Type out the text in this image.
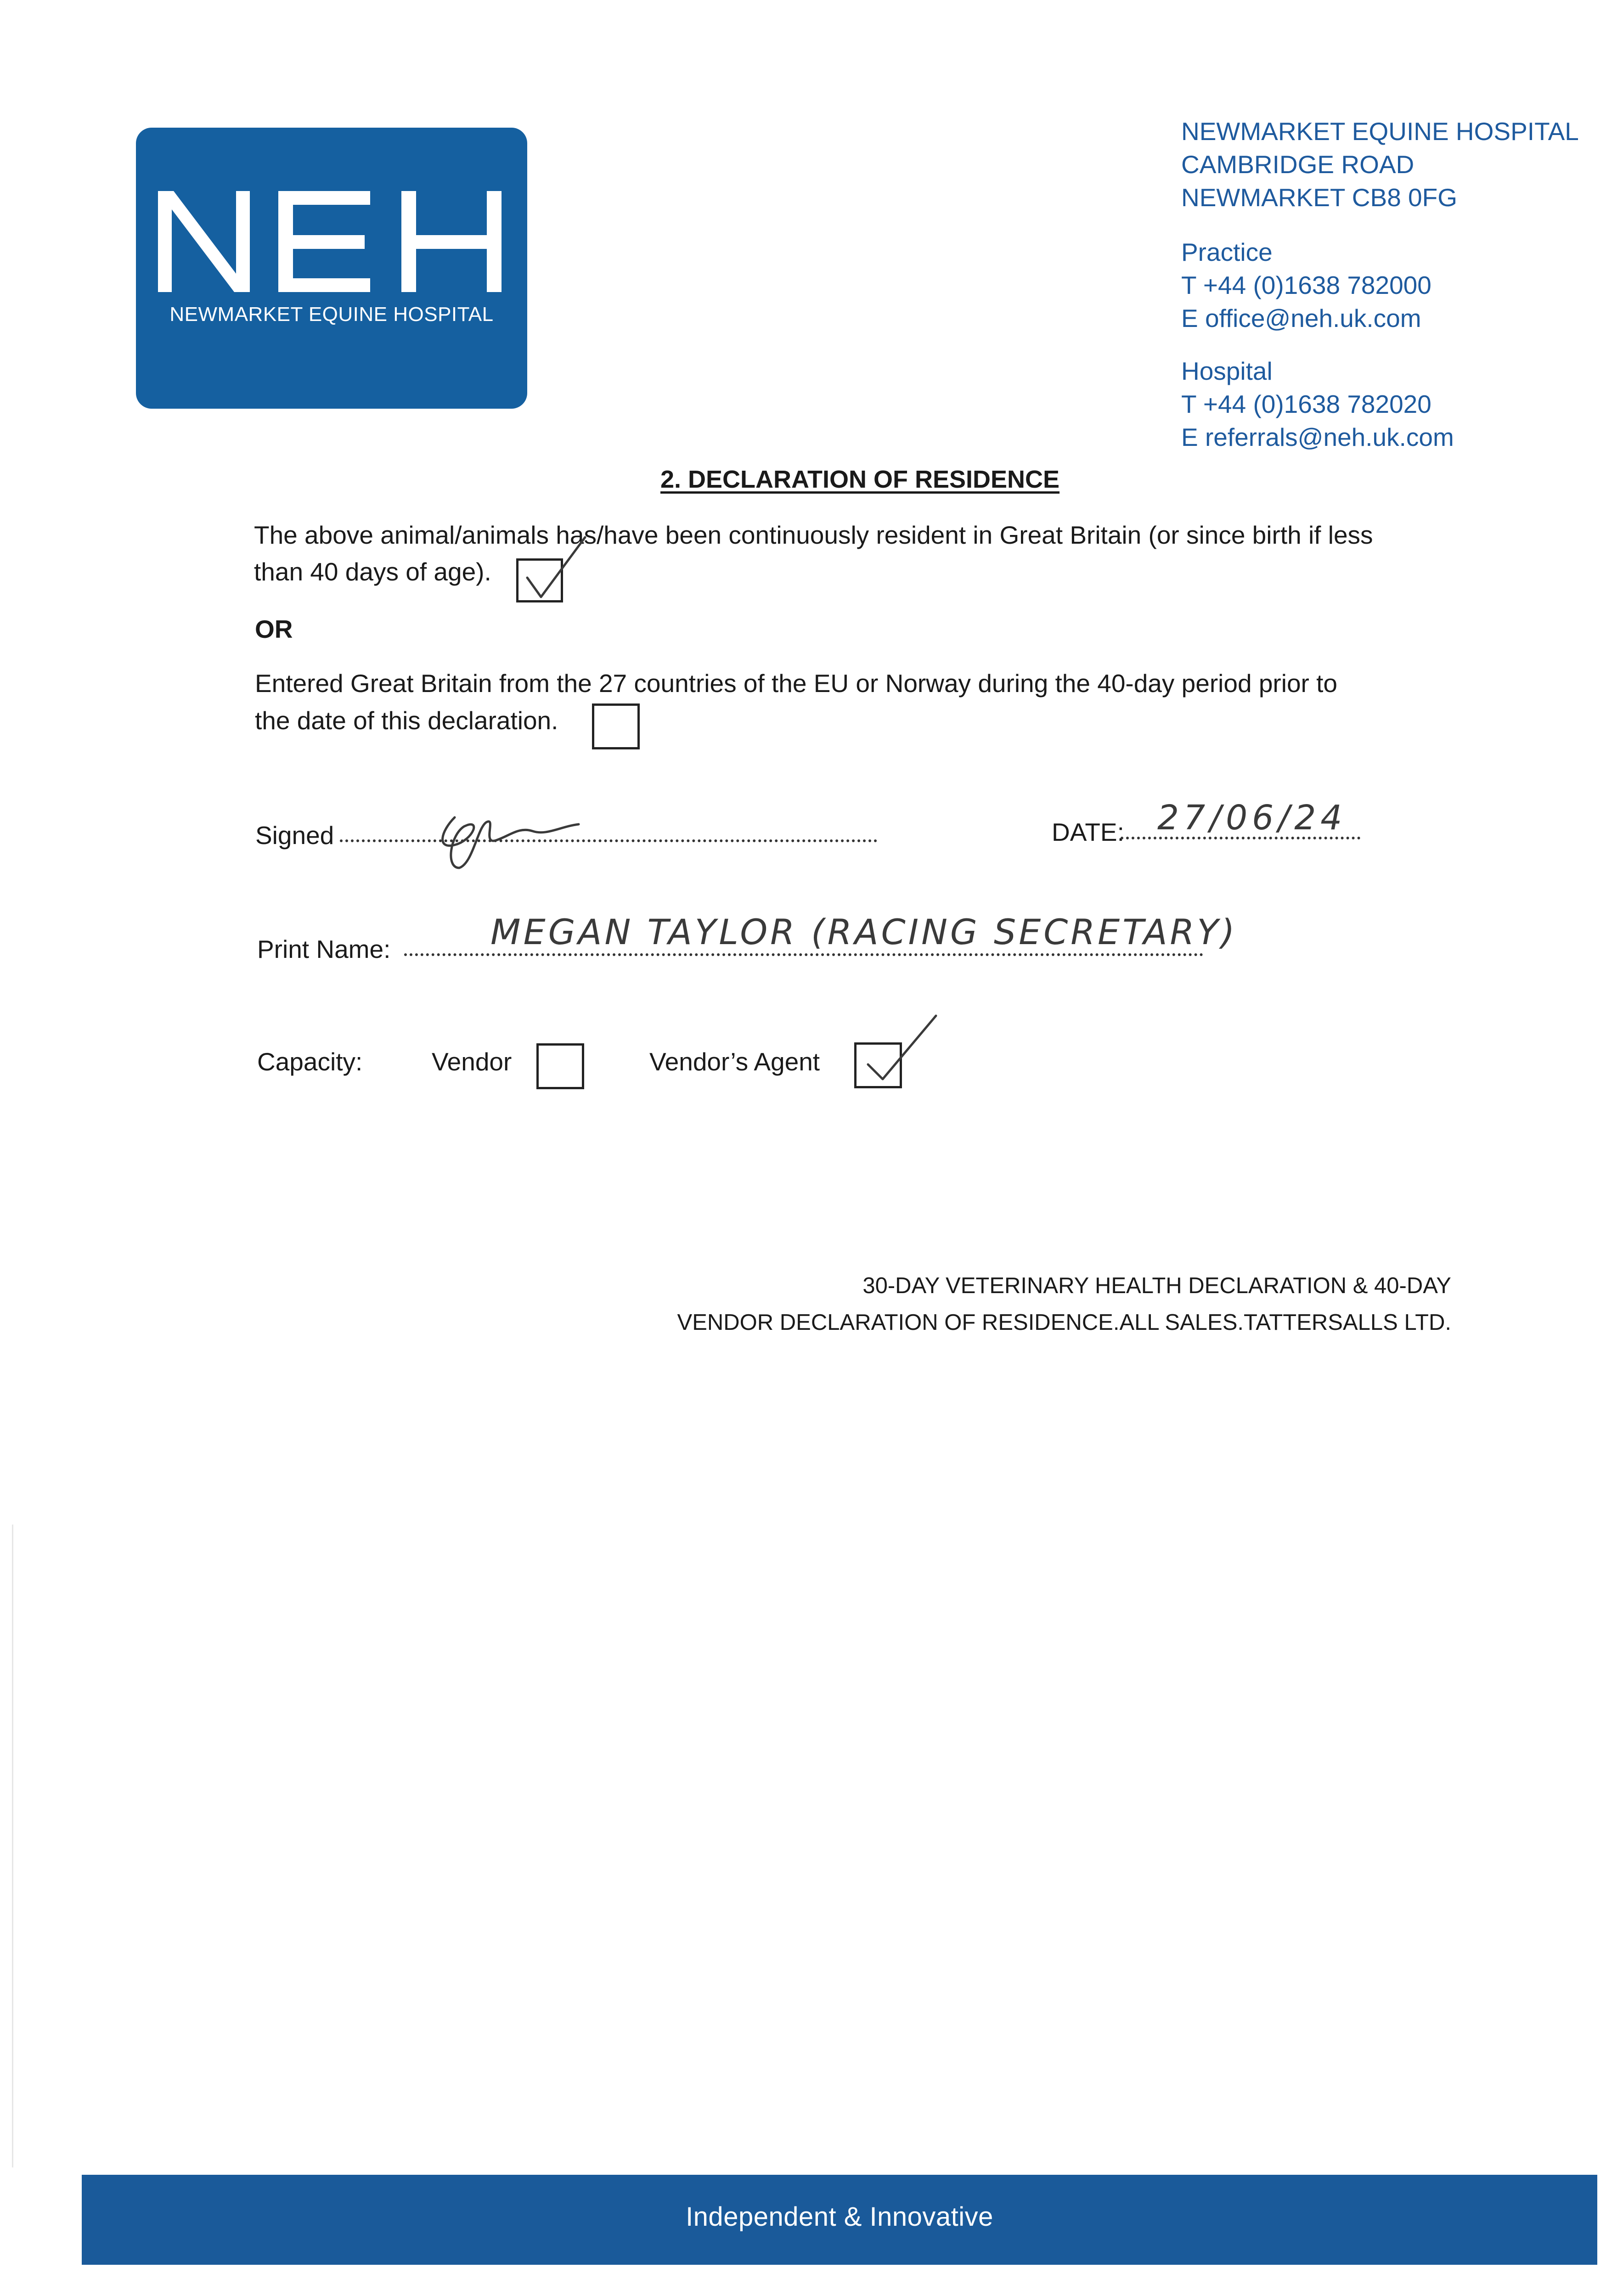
NEWMARKET EQUINE HOSPITAL
NEWMARKET EQUINE HOSPITAL
CAMBRIDGE ROAD
NEWMARKET CB8 0FG
Practice
T +44 (0)1638 782000
E office@neh.uk.com
Hospital
T +44 (0)1638 782020
E referrals@neh.uk.com
2. DECLARATION OF RESIDENCE
The above animal/animals has/have been continuously resident in Great Britain (or since birth if less
than 40 days of age).
OR
Entered Great Britain from the 27 countries of the EU or Norway during the 40-day period prior to
the date of this declaration.
Signed	DATE: 27/06/24
Print Name:	MEGAN TAYLOR (RACING SECRETARY)
Capacity:	Vendor	Vendor’s Agent
30-DAY VETERINARY HEALTH DECLARATION & 40-DAY
VENDOR DECLARATION OF RESIDENCE.ALL SALES.TATTERSALLS LTD.
Independent & Innovative
